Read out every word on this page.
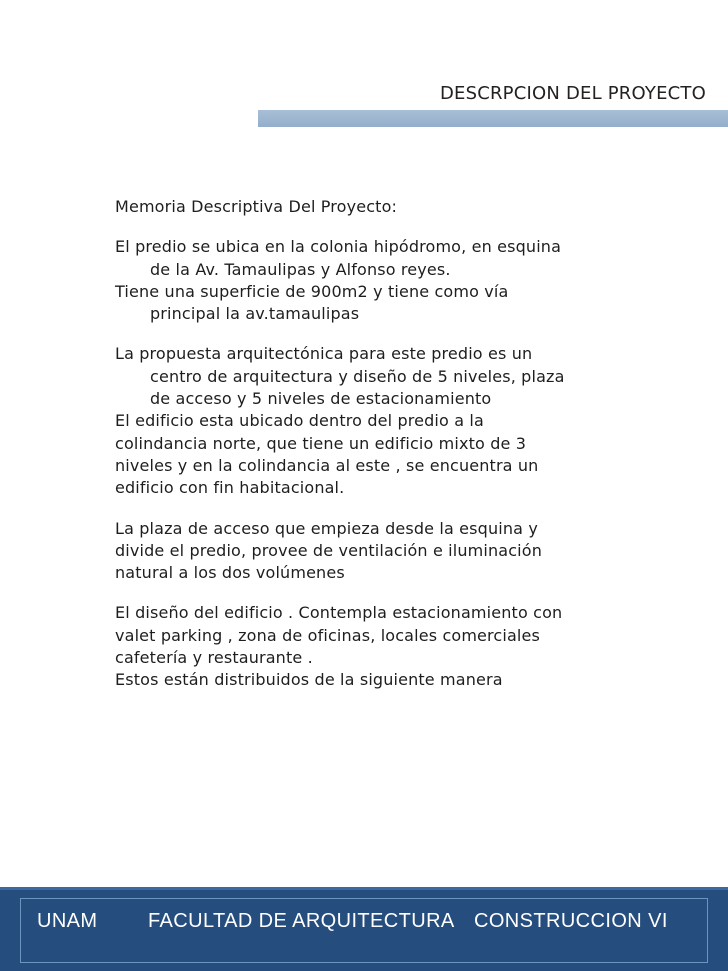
DESCRPCION DEL PROYECTO
Memoria Descriptiva Del Proyecto:
El predio se ubica en la colonia hipódromo, en esquina
de la Av. Tamaulipas y Alfonso reyes.
Tiene una superficie de 900m2 y tiene como vía
principal la av.tamaulipas
La propuesta arquitectónica para este predio es un
centro de arquitectura y diseño de 5 niveles, plaza
de acceso y 5 niveles de estacionamiento
El edificio esta ubicado dentro del predio a la
colindancia norte, que tiene un edificio mixto de 3
niveles y en la colindancia al este , se encuentra un
edificio con fin habitacional.
La plaza de acceso que empieza desde la esquina y
divide el predio, provee de ventilación e iluminación
natural a los dos volúmenes
El diseño del edificio . Contempla estacionamiento con
valet parking , zona de oficinas, locales comerciales
cafetería y restaurante .
Estos están distribuidos de la siguiente manera
UNAM	FACULTAD DE ARQUITECTURA CONSTRUCCION VI
